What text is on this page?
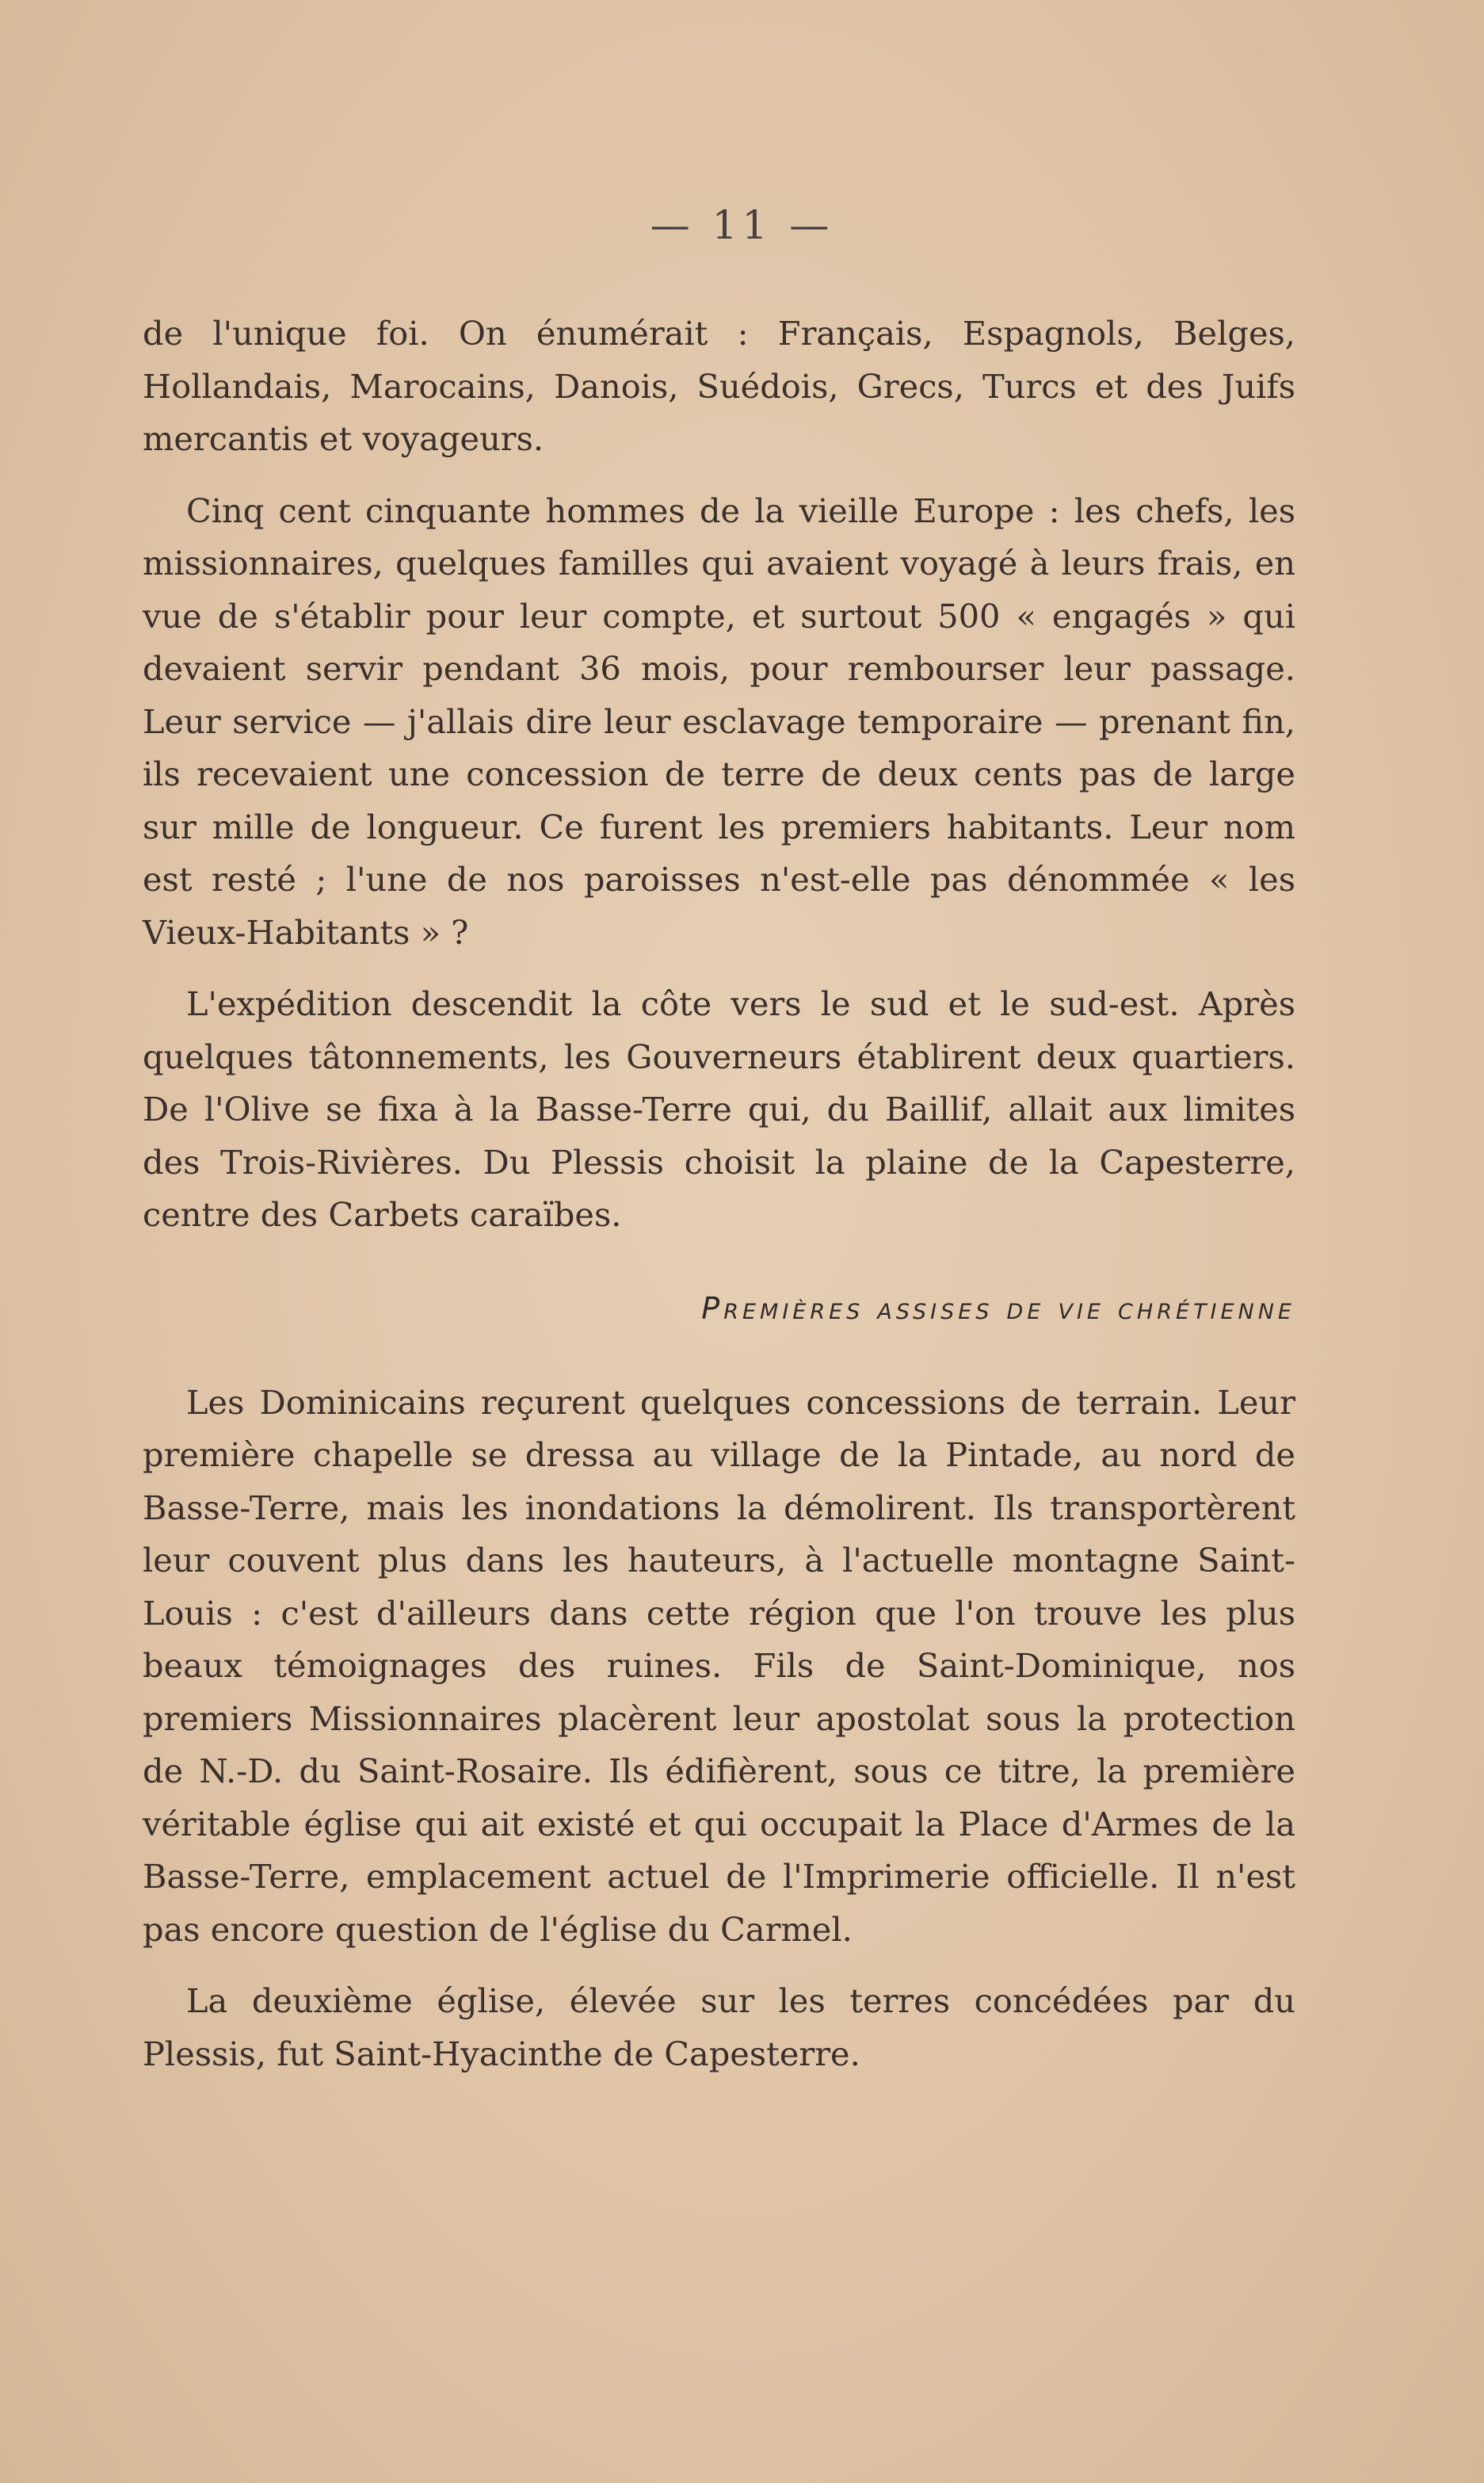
— 11 —

de l'unique foi. On énumérait : Français, Espagnols, Belges, Hollandais, Marocains, Danois, Suédois, Grecs, Turcs et des Juifs mercantis et voyageurs.

Cinq cent cinquante hommes de la vieille Europe : les chefs, les missionnaires, quelques familles qui avaient voyagé à leurs frais, en vue de s'établir pour leur compte, et surtout 500 « engagés » qui devaient servir pendant 36 mois, pour rembourser leur passage. Leur service — j'allais dire leur esclavage temporaire — prenant fin, ils recevaient une concession de terre de deux cents pas de large sur mille de longueur. Ce furent les premiers habitants. Leur nom est resté ; l'une de nos paroisses n'est-elle pas dénommée « les Vieux-Habitants » ?

L'expédition descendit la côte vers le sud et le sud-est. Après quelques tâtonnements, les Gouverneurs établirent deux quartiers. De l'Olive se fixa à la Basse-Terre qui, du Baillif, allait aux limites des Trois-Rivières. Du Plessis choisit la plaine de la Capesterre, centre des Carbets caraïbes.

Premières assises de vie chrétienne

Les Dominicains reçurent quelques concessions de terrain. Leur première chapelle se dressa au village de la Pintade, au nord de Basse-Terre, mais les inondations la démolirent. Ils transportèrent leur couvent plus dans les hauteurs, à l'actuelle montagne Saint-Louis : c'est d'ailleurs dans cette région que l'on trouve les plus beaux témoignages des ruines. Fils de Saint-Dominique, nos premiers Missionnaires placèrent leur apostolat sous la protection de N.-D. du Saint-Rosaire. Ils édifièrent, sous ce titre, la première véritable église qui ait existé et qui occupait la Place d'Armes de la Basse-Terre, emplacement actuel de l'Imprimerie officielle. Il n'est pas encore question de l'église du Carmel.

La deuxième église, élevée sur les terres concédées par du Plessis, fut Saint-Hyacinthe de Capesterre.
